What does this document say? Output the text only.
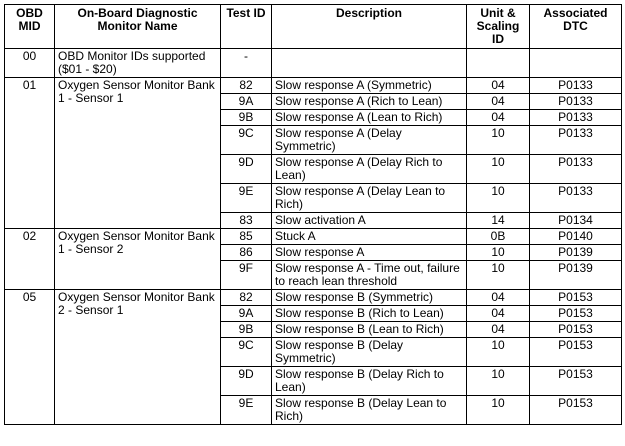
OBD MID	On-Board Diagnostic Monitor Name	Test ID	Description	Unit & Scaling ID	Associated DTC
00	OBD Monitor IDs supported ($01 - $20)	-			
01	Oxygen Sensor Monitor Bank 1 - Sensor 1	82	Slow response A (Symmetric)	04	P0133
		9A	Slow response A (Rich to Lean)	04	P0133
		9B	Slow response A (Lean to Rich)	04	P0133
		9C	Slow response A (Delay Symmetric)	10	P0133
		9D	Slow response A (Delay Rich to Lean)	10	P0133
		9E	Slow response A (Delay Lean to Rich)	10	P0133
		83	Slow activation A	14	P0134
02	Oxygen Sensor Monitor Bank 1 - Sensor 2	85	Stuck A	0B	P0140
		86	Slow response A	10	P0139
		9F	Slow response A - Time out, failure to reach lean threshold	10	P0139
05	Oxygen Sensor Monitor Bank 2 - Sensor 1	82	Slow response B (Symmetric)	04	P0153
		9A	Slow response B (Rich to Lean)	04	P0153
		9B	Slow response B (Lean to Rich)	04	P0153
		9C	Slow response B (Delay Symmetric)	10	P0153
		9D	Slow response B (Delay Rich to Lean)	10	P0153
		9E	Slow response B (Delay Lean to Rich)	10	P0153
